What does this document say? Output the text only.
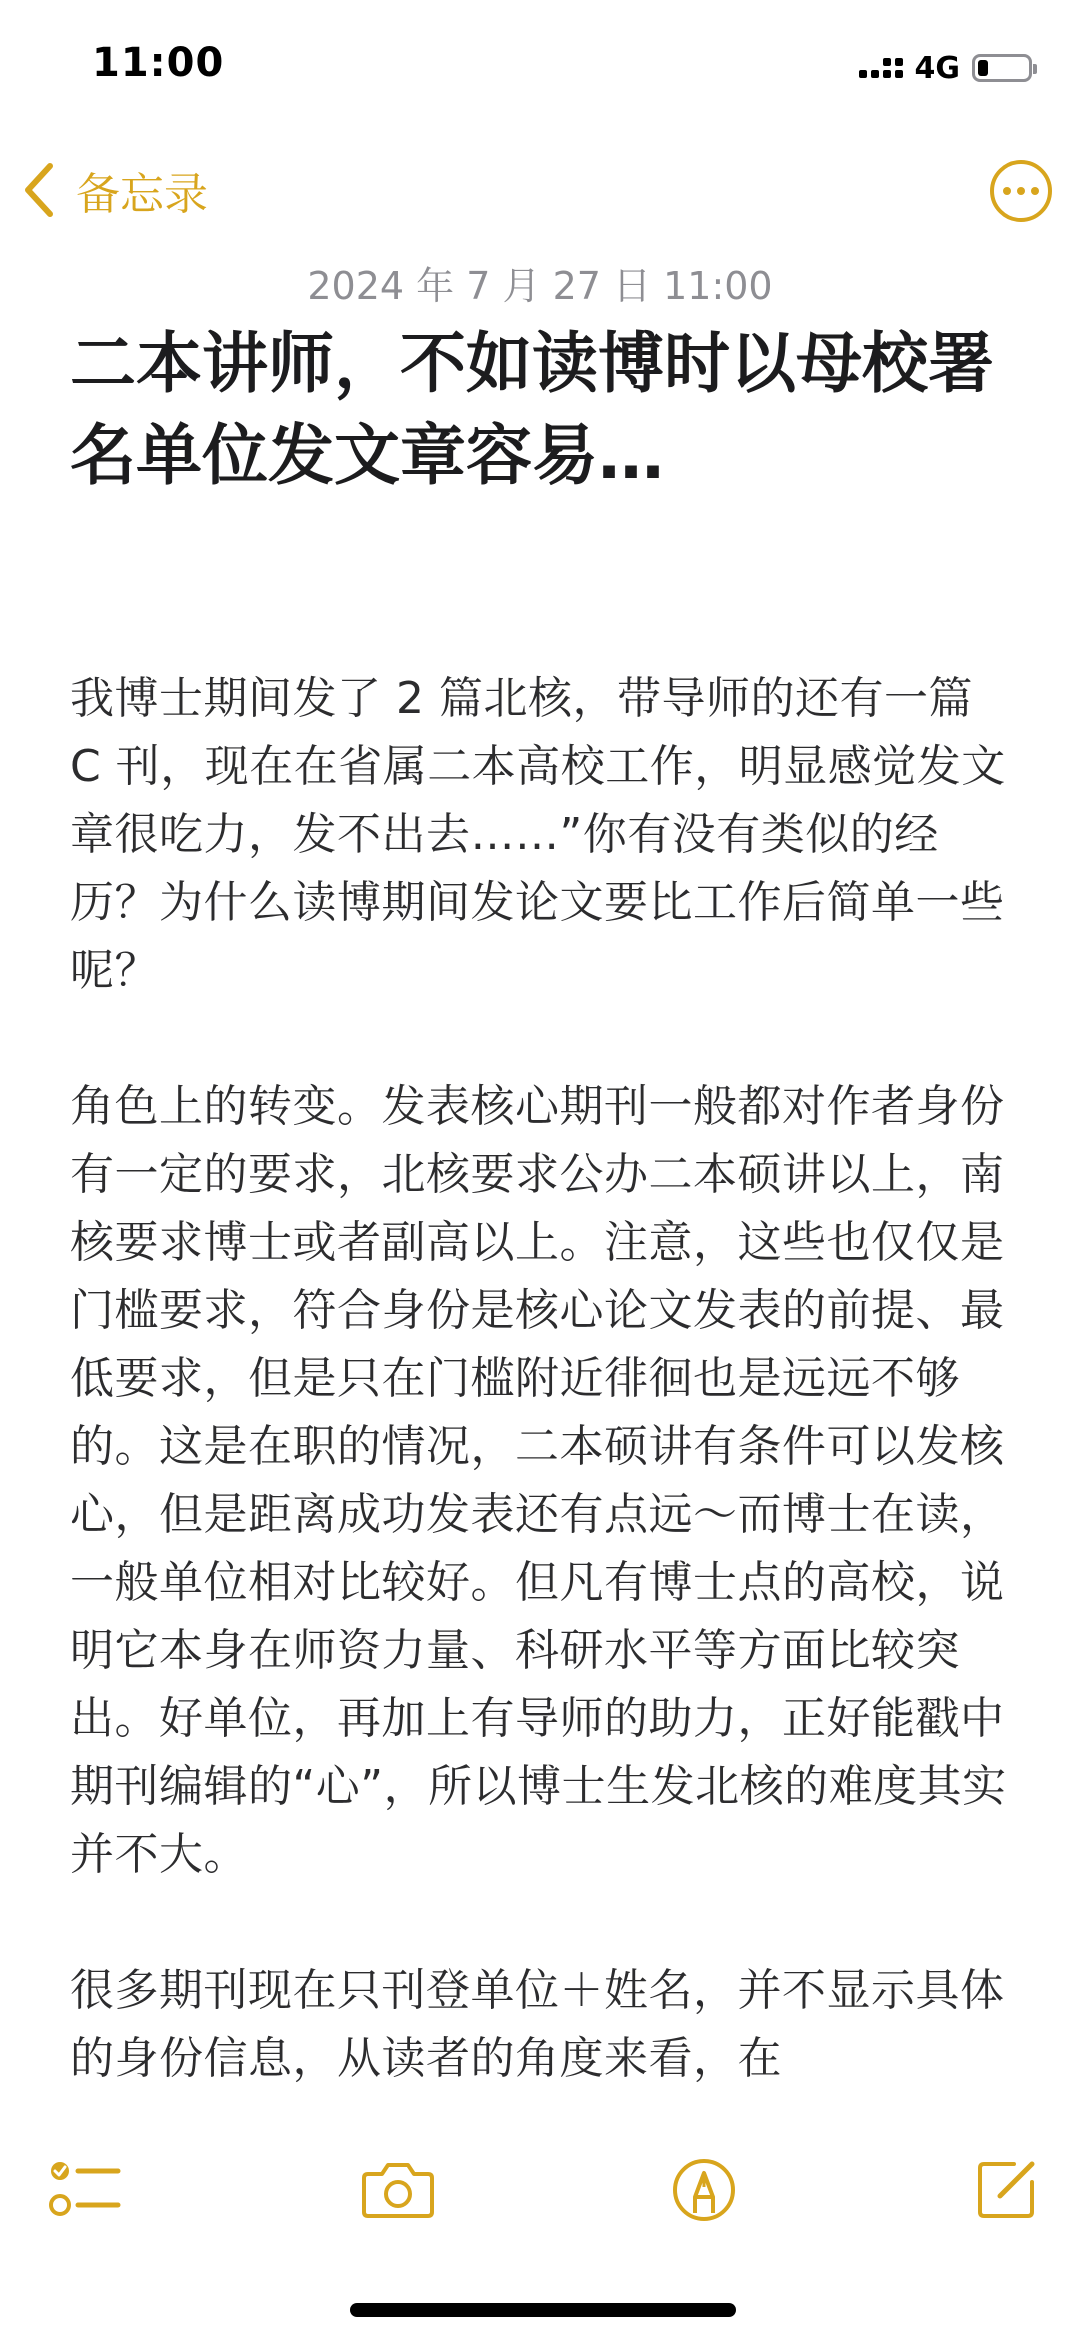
11:00	4G
备忘录
2024 年 7 月 27 日 11:00
二本讲师，不如读博时以母校署名单位发文章容易…

我博士期间发了 2 篇北核，带导师的还有一篇 C 刊，现在在省属二本高校工作，明显感觉发文章很吃力，发不出去……”你有没有类似的经历？为什么读博期间发论文要比工作后简单一些呢？

角色上的转变。发表核心期刊一般都对作者身份有一定的要求，北核要求公办二本硕讲以上，南核要求博士或者副高以上。注意，这些也仅仅是门槛要求，符合身份是核心论文发表的前提、最低要求，但是只在门槛附近徘徊也是远远不够的。这是在职的情况，二本硕讲有条件可以发核心，但是距离成功发表还有点远～而博士在读，一般单位相对比较好。但凡有博士点的高校，说明它本身在师资力量、科研水平等方面比较突出。好单位，再加上有导师的助力，正好能戳中期刊编辑的“心”，所以博士生发北核的难度其实并不大。

很多期刊现在只刊登单位＋姓名，并不显示具体的身份信息，从读者的角度来看，在
